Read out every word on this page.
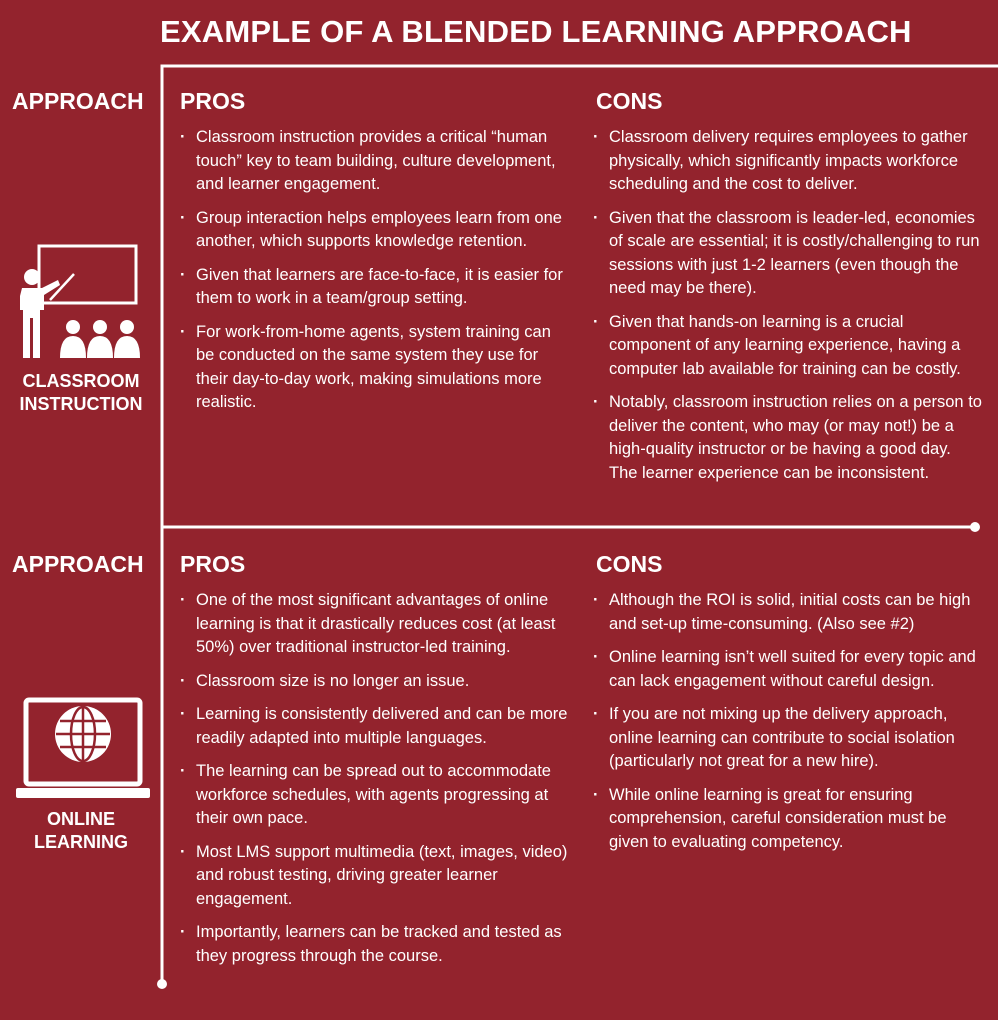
EXAMPLE OF A BLENDED LEARNING APPROACH
APPROACH PROS	CONS
CLASSROOM INSTRUCTION
· Classroom instruction provides a critical “human touch” key to team building, culture development, and learner engagement.
· Group interaction helps employees learn from one another, which supports knowledge retention.
· Given that learners are face-to-face, it is easier for them to work in a team/group setting.
· For work-from-home agents, system training can be conducted on the same system they use for their day-to-day work, making simulations more realistic.
· Classroom delivery requires employees to gather physically, which significantly impacts workforce scheduling and the cost to deliver.
· Given that the classroom is leader-led, economies of scale are essential; it is costly/challenging to run sessions with just 1-2 learners (even though the need may be there).
· Given that hands-on learning is a crucial component of any learning experience, having a computer lab available for training can be costly.
· Notably, classroom instruction relies on a person to deliver the content, who may (or may not!) be a high-quality instructor or be having a good day. The learner experience can be inconsistent.
APPROACH PROS	CONS
ONLINE LEARNING
· One of the most significant advantages of online learning is that it drastically reduces cost (at least 50%) over traditional instructor-led training.
· Classroom size is no longer an issue.
· Learning is consistently delivered and can be more readily adapted into multiple languages.
· The learning can be spread out to accommodate workforce schedules, with agents progressing at their own pace.
· Most LMS support multimedia (text, images, video) and robust testing, driving greater learner engagement.
· Importantly, learners can be tracked and tested as they progress through the course.
· Although the ROI is solid, initial costs can be high and set-up time-consuming. (Also see #2)
· Online learning isn’t well suited for every topic and can lack engagement without careful design.
· If you are not mixing up the delivery approach, online learning can contribute to social isolation (particularly not great for a new hire).
· While online learning is great for ensuring comprehension, careful consideration must be given to evaluating competency.
